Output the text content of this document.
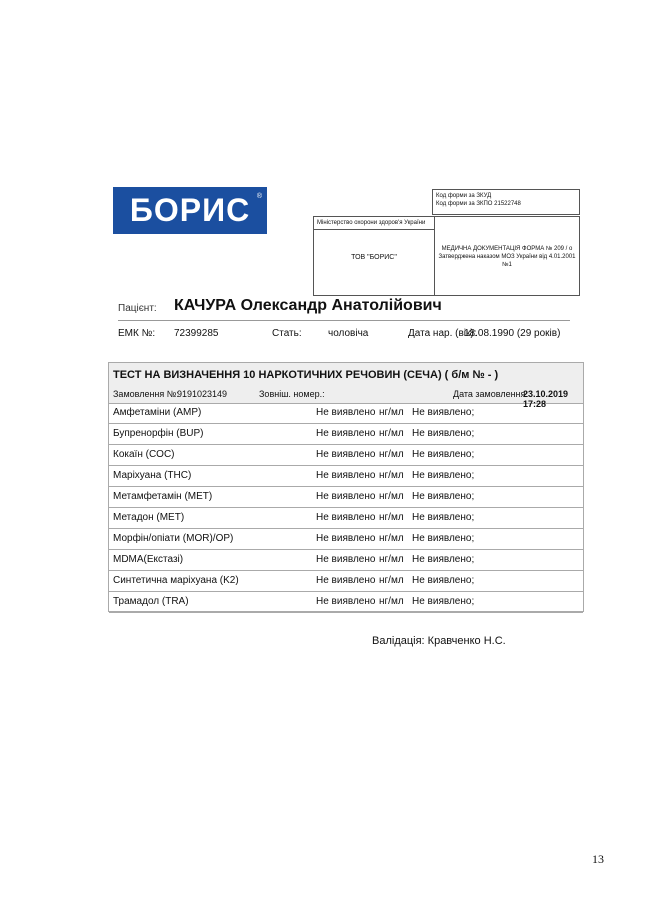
БОРИС ®	Код форми за ЗКУД
Код форми за ЗКПО 21522748
Міністерство охорони здоров'я України
ТОВ "БОРИС"
МЕДИЧНА ДОКУМЕНТАЦІЯ ФОРМА № 209 / о
Затверджена наказом МОЗ України від 4.01.2001 №1
Пацієнт: КАЧУРА Олександр Анатолійович
ЕМК №: 72399285	Стать:	чоловіча	Дата нар. (вік):
18.08.1990 (29 років)
ТЕСТ НА ВИЗНАЧЕННЯ 10 НАРКОТИЧНИХ РЕЧОВИН (СЕЧА) ( б/м № - )
Замовлення №:
9191023149	Зовніш. номер.:	Дата замовлення:
23.10.2019 17:28
Амфетаміни (AMP)	Не виявлено нг/мл Не виявлено;
Бупренорфін (BUP)	Не виявлено нг/мл Не виявлено;
Кокаїн (COC)	Не виявлено нг/мл Не виявлено;
Маріхуана (THC)	Не виявлено нг/мл Не виявлено;
Метамфетамін (MET)	Не виявлено нг/мл Не виявлено;
Метадон (MET)	Не виявлено нг/мл Не виявлено;
Морфін/опіати (MOR)/OP)	Не виявлено нг/мл Не виявлено;
MDMA(Екстазі)	Не виявлено нг/мл Не виявлено;
Синтетична маріхуана (K2)	Не виявлено нг/мл Не виявлено;
Трамадол (TRA)	Не виявлено нг/мл Не виявлено;
Валідація: Кравченко Н.С.
13
